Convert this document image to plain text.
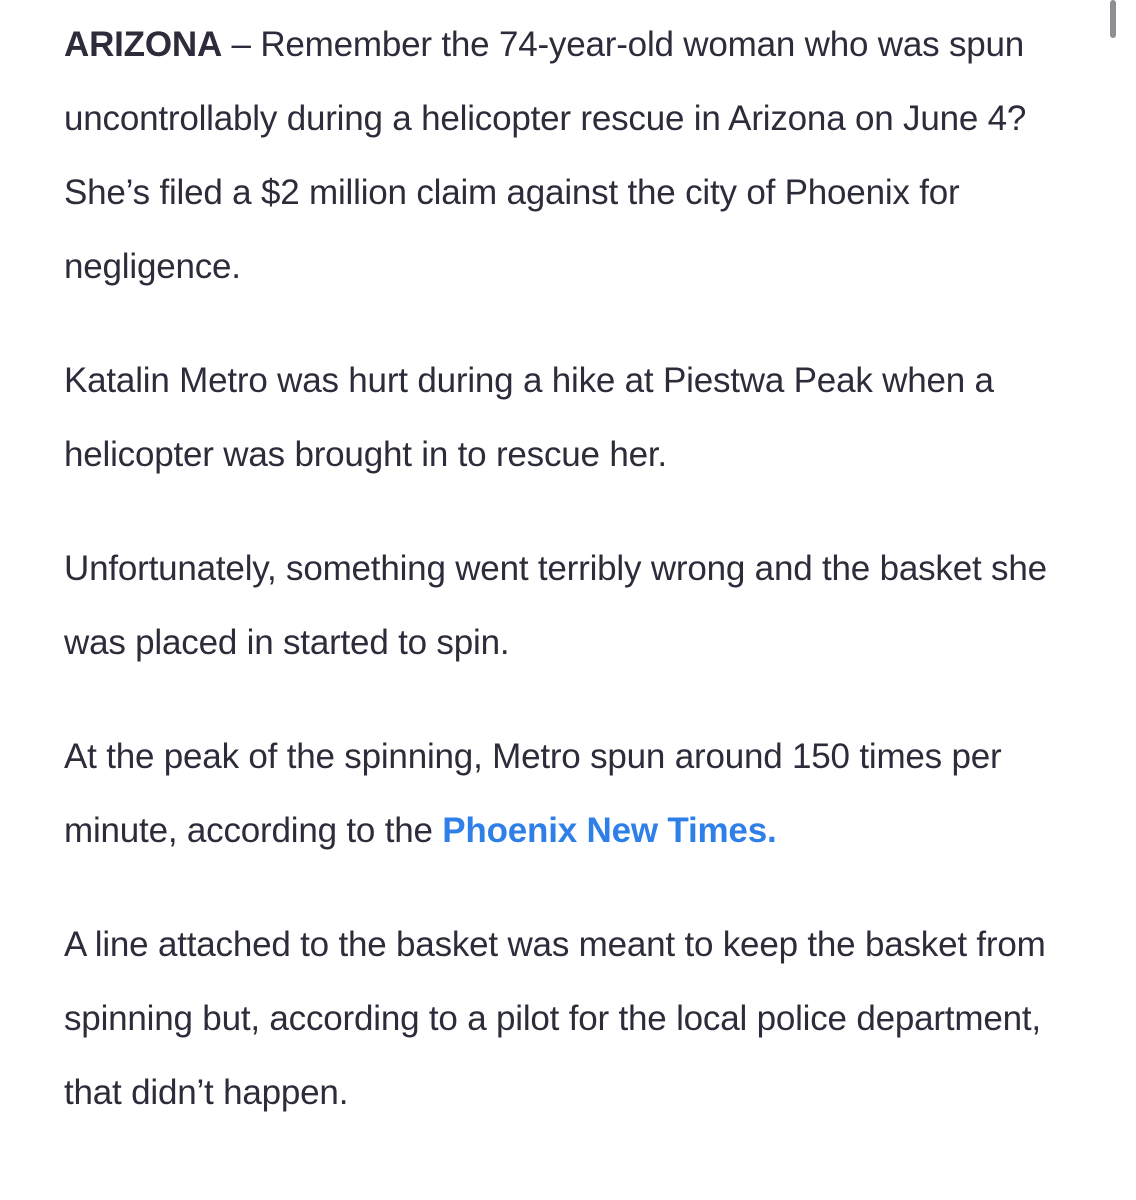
ARIZONA – Remember the 74-year-old woman who was spun uncontrollably during a helicopter rescue in Arizona on June 4? She’s filed a $2 million claim against the city of Phoenix for negligence.

Katalin Metro was hurt during a hike at Piestwa Peak when a helicopter was brought in to rescue her.

Unfortunately, something went terribly wrong and the basket she was placed in started to spin.

At the peak of the spinning, Metro spun around 150 times per minute, according to the Phoenix New Times.

A line attached to the basket was meant to keep the basket from spinning but, according to a pilot for the local police department, that didn’t happen.
